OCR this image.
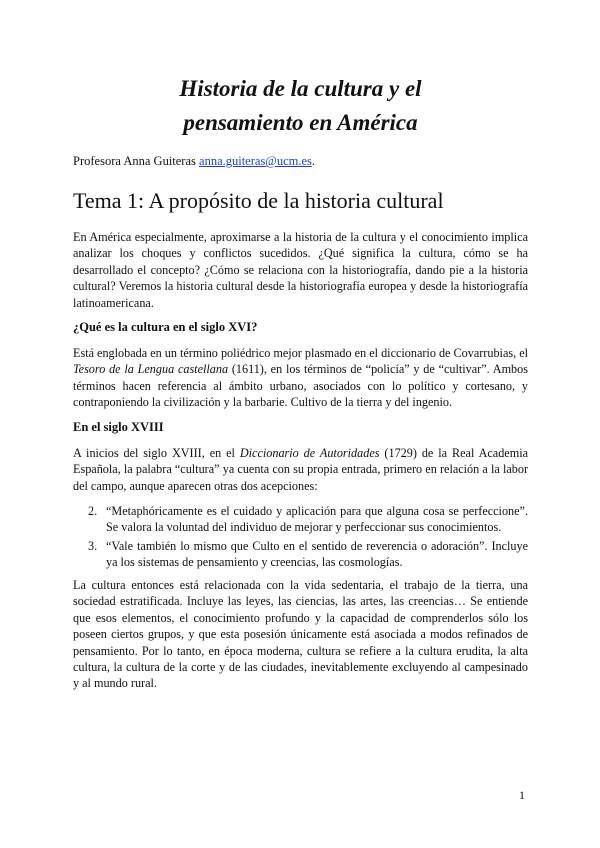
Historia de la cultura y el
pensamiento en América

Profesora Anna Guiteras anna.guiteras@ucm.es.

Tema 1: A propósito de la historia cultural

En América especialmente, aproximarse a la historia de la cultura y el conocimiento implica analizar los choques y conflictos sucedidos. ¿Qué significa la cultura, cómo se ha desarrollado el concepto? ¿Cómo se relaciona con la historiografía, dando pie a la historia cultural? Veremos la historia cultural desde la historiografía europea y desde la historiografía latinoamericana.

¿Qué es la cultura en el siglo XVI?

Está englobada en un término poliédrico mejor plasmado en el diccionario de Covarrubias, el Tesoro de la Lengua castellana (1611), en los términos de “policía” y de “cultivar”. Ambos términos hacen referencia al ámbito urbano, asociados con lo político y cortesano, y contraponiendo la civilización y la barbarie. Cultivo de la tierra y del ingenio.

En el siglo XVIII

A inicios del siglo XVIII, en el Diccionario de Autoridades (1729) de la Real Academia Española, la palabra “cultura” ya cuenta con su propia entrada, primero en relación a la labor del campo, aunque aparecen otras dos acepciones:

2. “Metaphóricamente es el cuidado y aplicación para que alguna cosa se perfeccione”. Se valora la voluntad del individuo de mejorar y perfeccionar sus conocimientos.
3. “Vale también lo mismo que Culto en el sentido de reverencia o adoración”. Incluye ya los sistemas de pensamiento y creencias, las cosmologías.

La cultura entonces está relacionada con la vida sedentaria, el trabajo de la tierra, una sociedad estratificada. Incluye las leyes, las ciencias, las artes, las creencias… Se entiende que esos elementos, el conocimiento profundo y la capacidad de comprenderlos sólo los poseen ciertos grupos, y que esta posesión únicamente está asociada a modos refinados de pensamiento. Por lo tanto, en época moderna, cultura se refiere a la cultura erudita, la alta cultura, la cultura de la corte y de las ciudades, inevitablemente excluyendo al campesinado y al mundo rural.

1
